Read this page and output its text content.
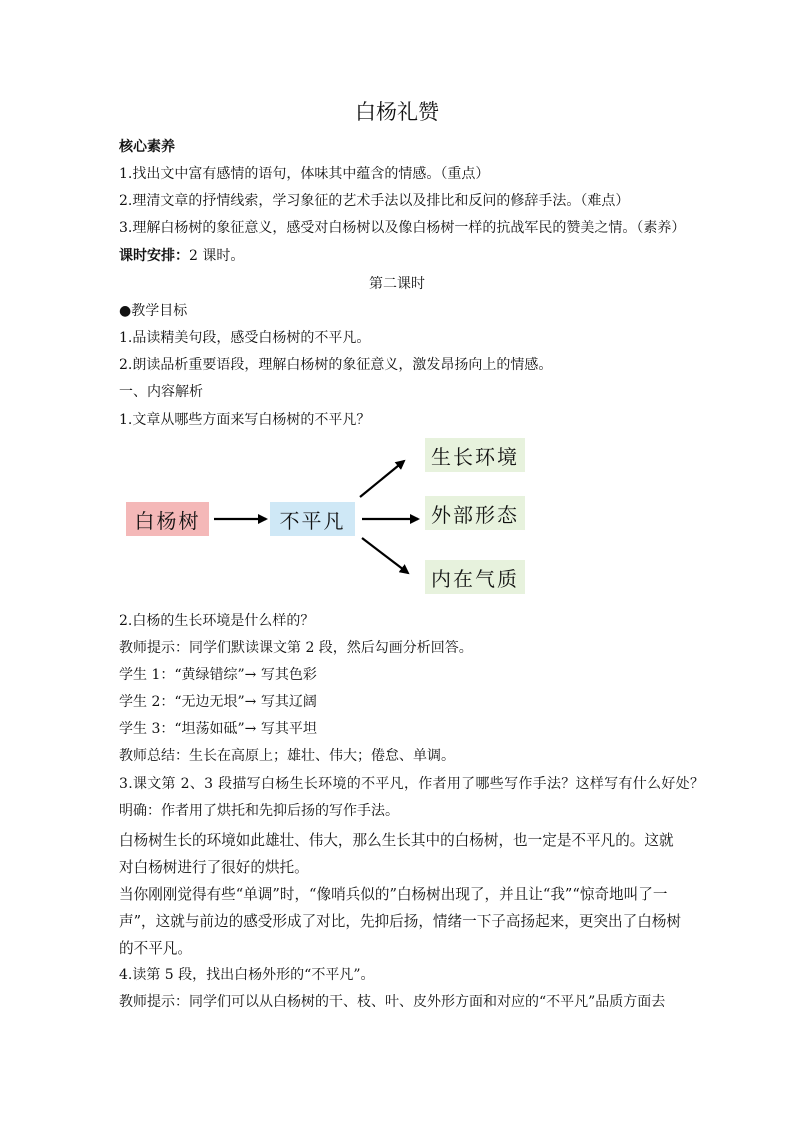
白杨礼赞
核心素养
1.找出文中富有感情的语句，体味其中蕴含的情感。（重点）
2.理清文章的抒情线索，学习象征的艺术手法以及排比和反问的修辞手法。（难点）
3.理解白杨树的象征意义，感受对白杨树以及像白杨树一样的抗战军民的赞美之情。（素养）
课时安排：2 课时。
第二课时
●教学目标
1.品读精美句段，感受白杨树的不平凡。
2.朗读品析重要语段，理解白杨树的象征意义，激发昂扬向上的情感。
一、内容解析
1.文章从哪些方面来写白杨树的不平凡？
白杨树	不平凡
生长环境
外部形态
内在气质
2.白杨的生长环境是什么样的？
教师提示：同学们默读课文第 2 段，然后勾画分析回答。
学生 1：“黄绿错综”→ 写其色彩
学生 2：“无边无垠”→ 写其辽阔
学生 3：“坦荡如砥”→ 写其平坦
教师总结：生长在高原上；雄壮、伟大；倦怠、单调。
3.课文第 2、3 段描写白杨生长环境的不平凡，作者用了哪些写作手法？这样写有什么好处？
明确：作者用了烘托和先抑后扬的写作手法。
白杨树生长的环境如此雄壮、伟大，那么生长其中的白杨树，也一定是不平凡的。这就对白杨树进行了很好的烘托。
当你刚刚觉得有些“单调”时，“像哨兵似的”白杨树出现了，并且让“我”“惊奇地叫了一声”，这就与前边的感受形成了对比，先抑后扬，情绪一下子高扬起来，更突出了白杨树的不平凡。
4.读第 5 段，找出白杨外形的“不平凡”。
教师提示：同学们可以从白杨树的干、枝、叶、皮外形方面和对应的“不平凡”品质方面去
